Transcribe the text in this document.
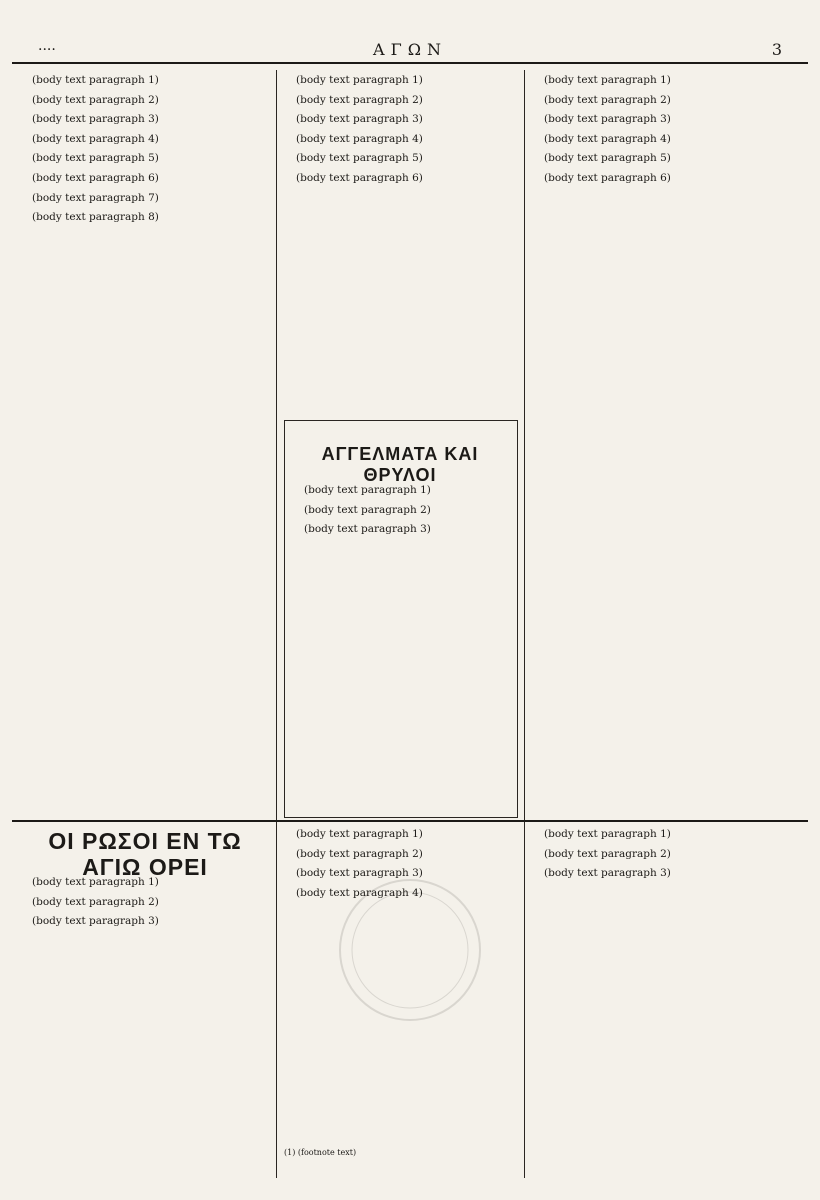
....	ΑΓΩΝ	3

(body text paragraph 1)

(body text paragraph 2)

(body text paragraph 3)

(body text paragraph 4)

(body text paragraph 5)

(body text paragraph 6)

(body text paragraph 7)

(body text paragraph 8)

(body text paragraph 1)

(body text paragraph 2)

(body text paragraph 3)

(body text paragraph 4)

(body text paragraph 5)

(body text paragraph 6)

ΑΓΓΕΛΜΑΤΑ ΚΑΙ ΘΡΥΛΟΙ

(body text paragraph 1)

(body text paragraph 2)

(body text paragraph 3)

(body text paragraph 1)

(body text paragraph 2)

(body text paragraph 3)

(body text paragraph 4)

(body text paragraph 5)

(body text paragraph 6)

ΟΙ ΡΩΣΟΙ ΕΝ ΤΩ ΑΓΙΩ ΟΡΕΙ

(body text paragraph 1)

(body text paragraph 2)

(body text paragraph 3)

(body text paragraph 1)

(body text paragraph 2)

(body text paragraph 3)

(body text paragraph 4)

(1) (footnote text)

(body text paragraph 1)

(body text paragraph 2)

(body text paragraph 3)
